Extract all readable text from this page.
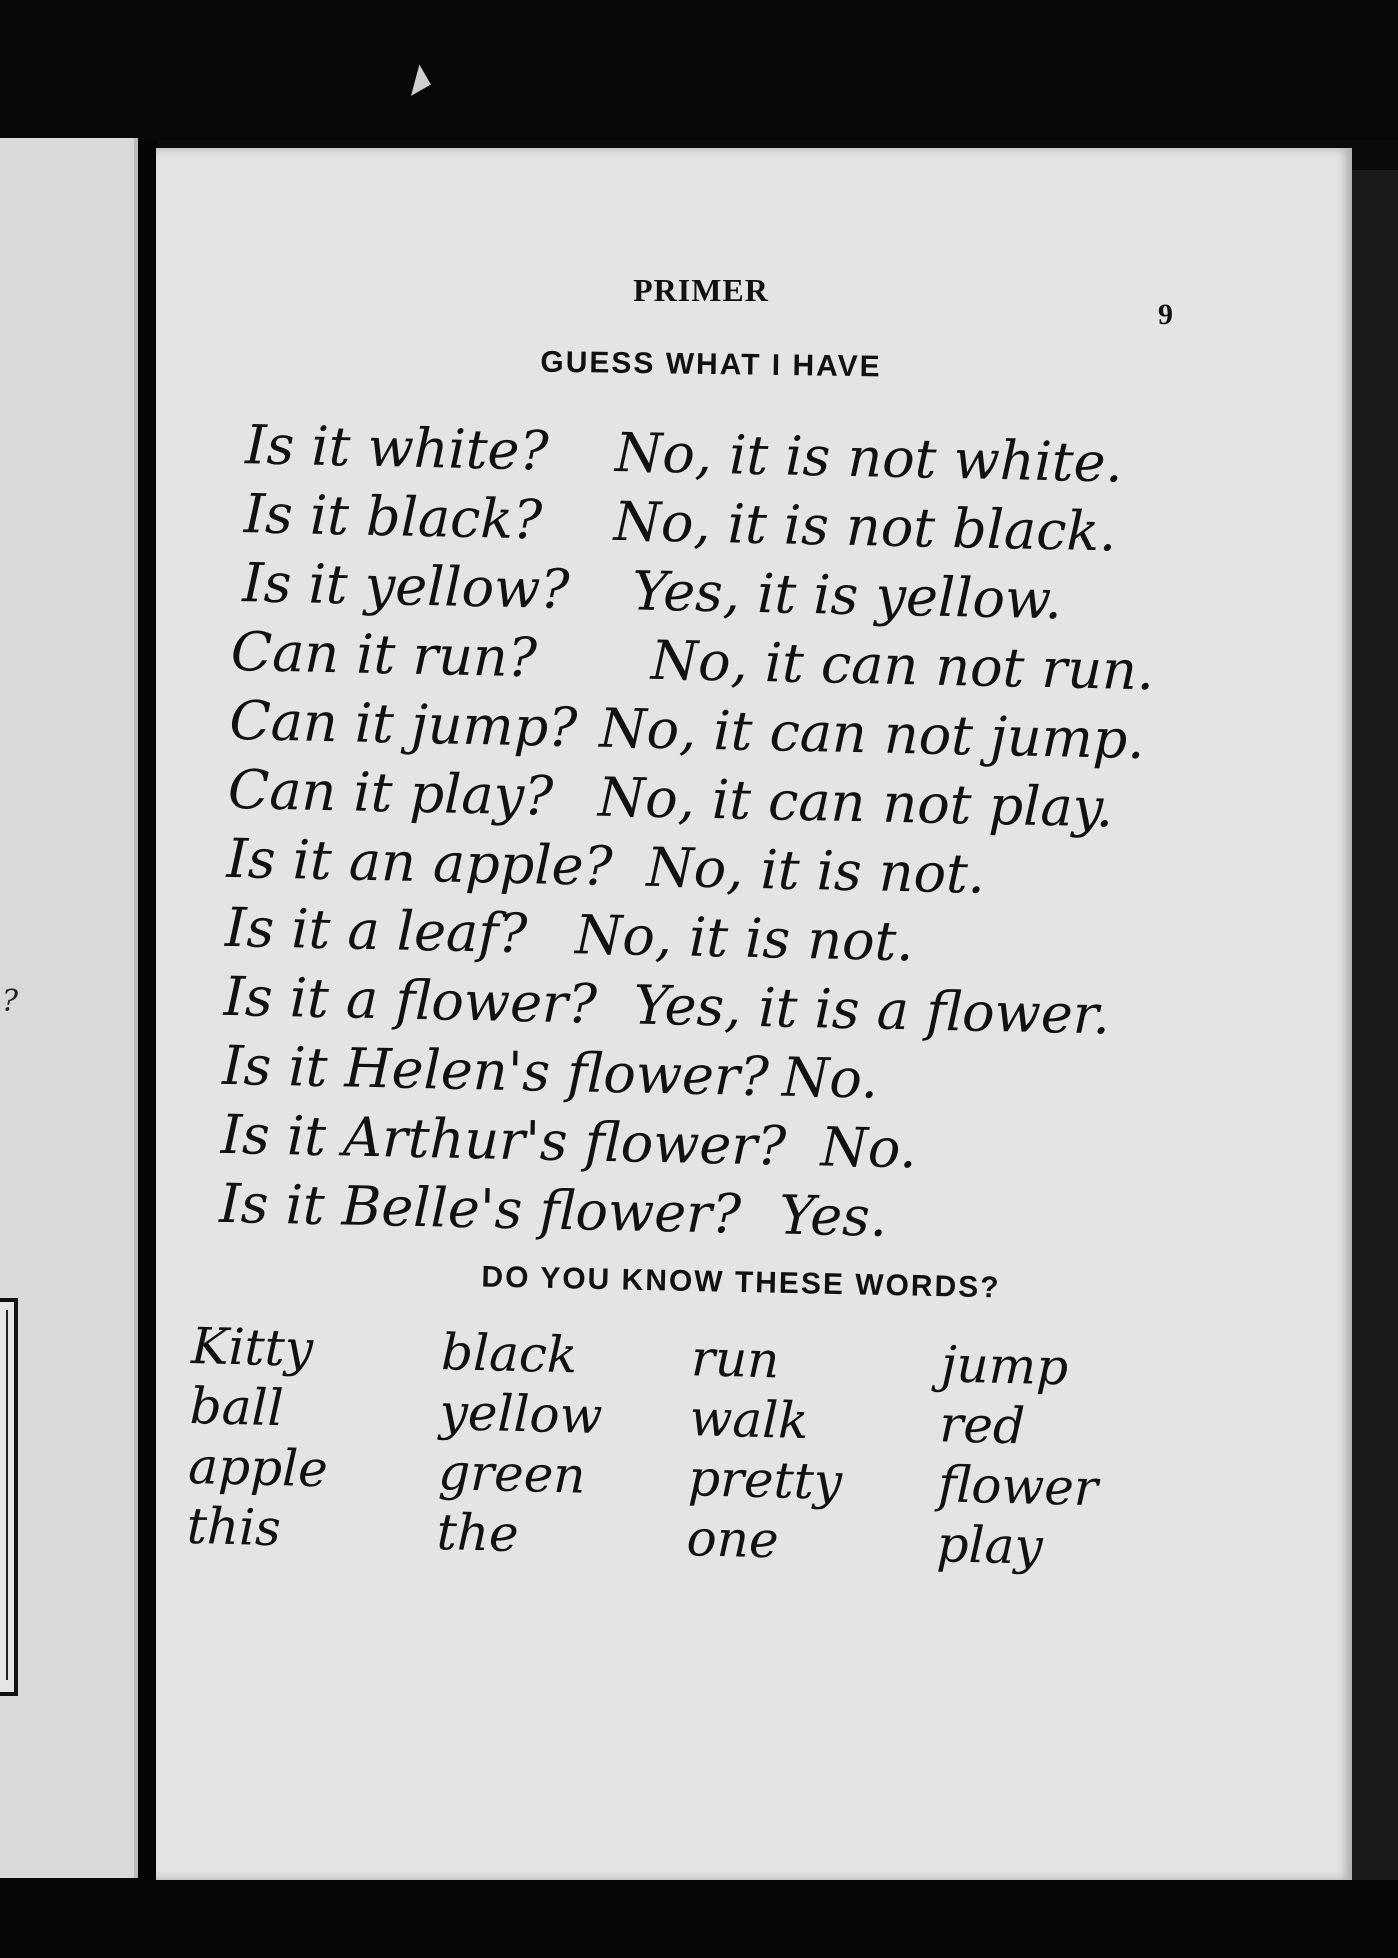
◢
?
PRIMER
9
GUESS WHAT I HAVE
Is it white? No, it is not white.
Is it black? No, it is not black.
Is it yellow? Yes, it is yellow.
Can it run? No, it can not run.
Can it jump? No, it can not jump.
Can it play? No, it can not play.
Is it an apple? No, it is not.
Is it a leaf? No, it is not.
Is it a flower? Yes, it is a flower.
Is it Helen's flower? No.
Is it Arthur's flower? No.
Is it Belle's flower? Yes.
DO YOU KNOW THESE WORDS?
Kitty
ball
apple
this
black
yellow
green
the
run
walk
pretty
one
jump
red
flower
play
